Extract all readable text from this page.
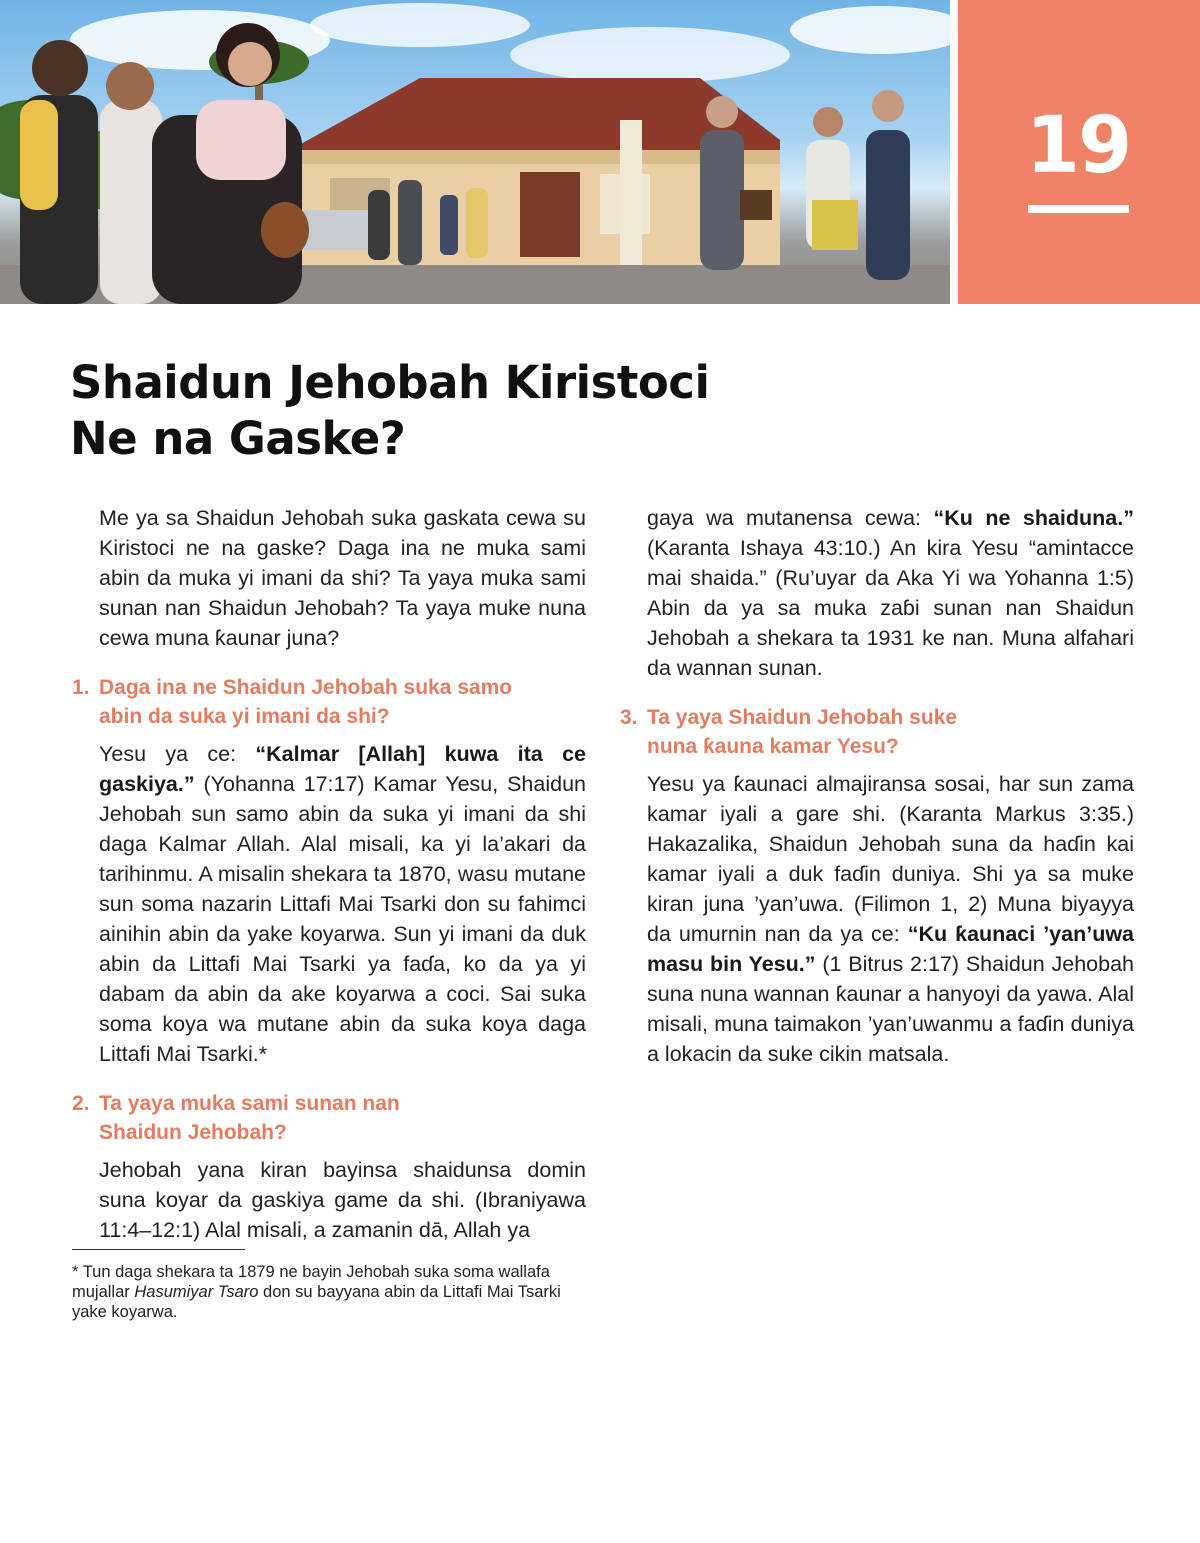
19
Shaidun Jehobah Kiristoci
Ne na Gaske?

Me ya sa Shaidun Jehobah suka gaskata cewa su Kiristoci ne na gaske? Daga ina ne muka sami abin da muka yi imani da shi? Ta yaya muka sami sunan nan Shaidun Jehobah? Ta yaya muke nuna cewa muna ƙaunar juna?

1. Daga ina ne Shaidun Jehobah suka samo
abin da suka yi imani da shi?

Yesu ya ce: “Kalmar [Allah] kuwa ita ce gaskiya.” (Yohanna 17:17) Kamar Yesu, Shaidun Jehobah sun samo abin da suka yi imani da shi daga Kalmar Allah. Alal misali, ka yi la’akari da tarihinmu. A misalin shekara ta 1870, wasu mutane sun soma nazarin Littafi Mai Tsarki don su fahimci ainihin abin da yake koyarwa. Sun yi imani da duk abin da Littafi Mai Tsarki ya faɗa, ko da ya yi dabam da abin da ake koyarwa a coci. Sai suka soma koya wa mutane abin da suka koya daga Littafi Mai Tsarki.*

2. Ta yaya muka sami sunan nan
Shaidun Jehobah?

Jehobah yana kiran bayinsa shaidunsa domin suna koyar da gaskiya game da shi. (Ibraniyawa 11:4–12:1) Alal misali, a zamanin dā, Allah ya

gaya wa mutanensa cewa: “Ku ne shaiduna.” (Karanta Ishaya 43:10.) An kira Yesu “amintacce mai shaida.” (Ru’uyar da Aka Yi wa Yohanna 1:5) Abin da ya sa muka zaɓi sunan nan Shaidun Jehobah a shekara ta 1931 ke nan. Muna alfahari da wannan sunan.

3. Ta yaya Shaidun Jehobah suke
nuna ƙauna kamar Yesu?

Yesu ya ƙaunaci almajiransa sosai, har sun zama kamar iyali a gare shi. (Karanta Markus 3:35.) Hakazalika, Shaidun Jehobah suna da haɗin kai kamar iyali a duk faɗin duniya. Shi ya sa muke kiran juna ’yan’uwa. (Filimon 1, 2) Muna biyayya da umurnin nan da ya ce: “Ku ƙaunaci ’yan’uwa masu bin Yesu.” (1 Bitrus 2:17) Shaidun Jehobah suna nuna wannan ƙaunar a hanyoyi da yawa. Alal misali, muna taimakon ’yan’uwanmu a faɗin duniya a lokacin da suke cikin matsala.

* Tun daga shekara ta 1879 ne bayin Jehobah suka soma wallafa mujallar Hasumiyar Tsaro don su bayyana abin da Littafi Mai Tsarki yake koyarwa.
